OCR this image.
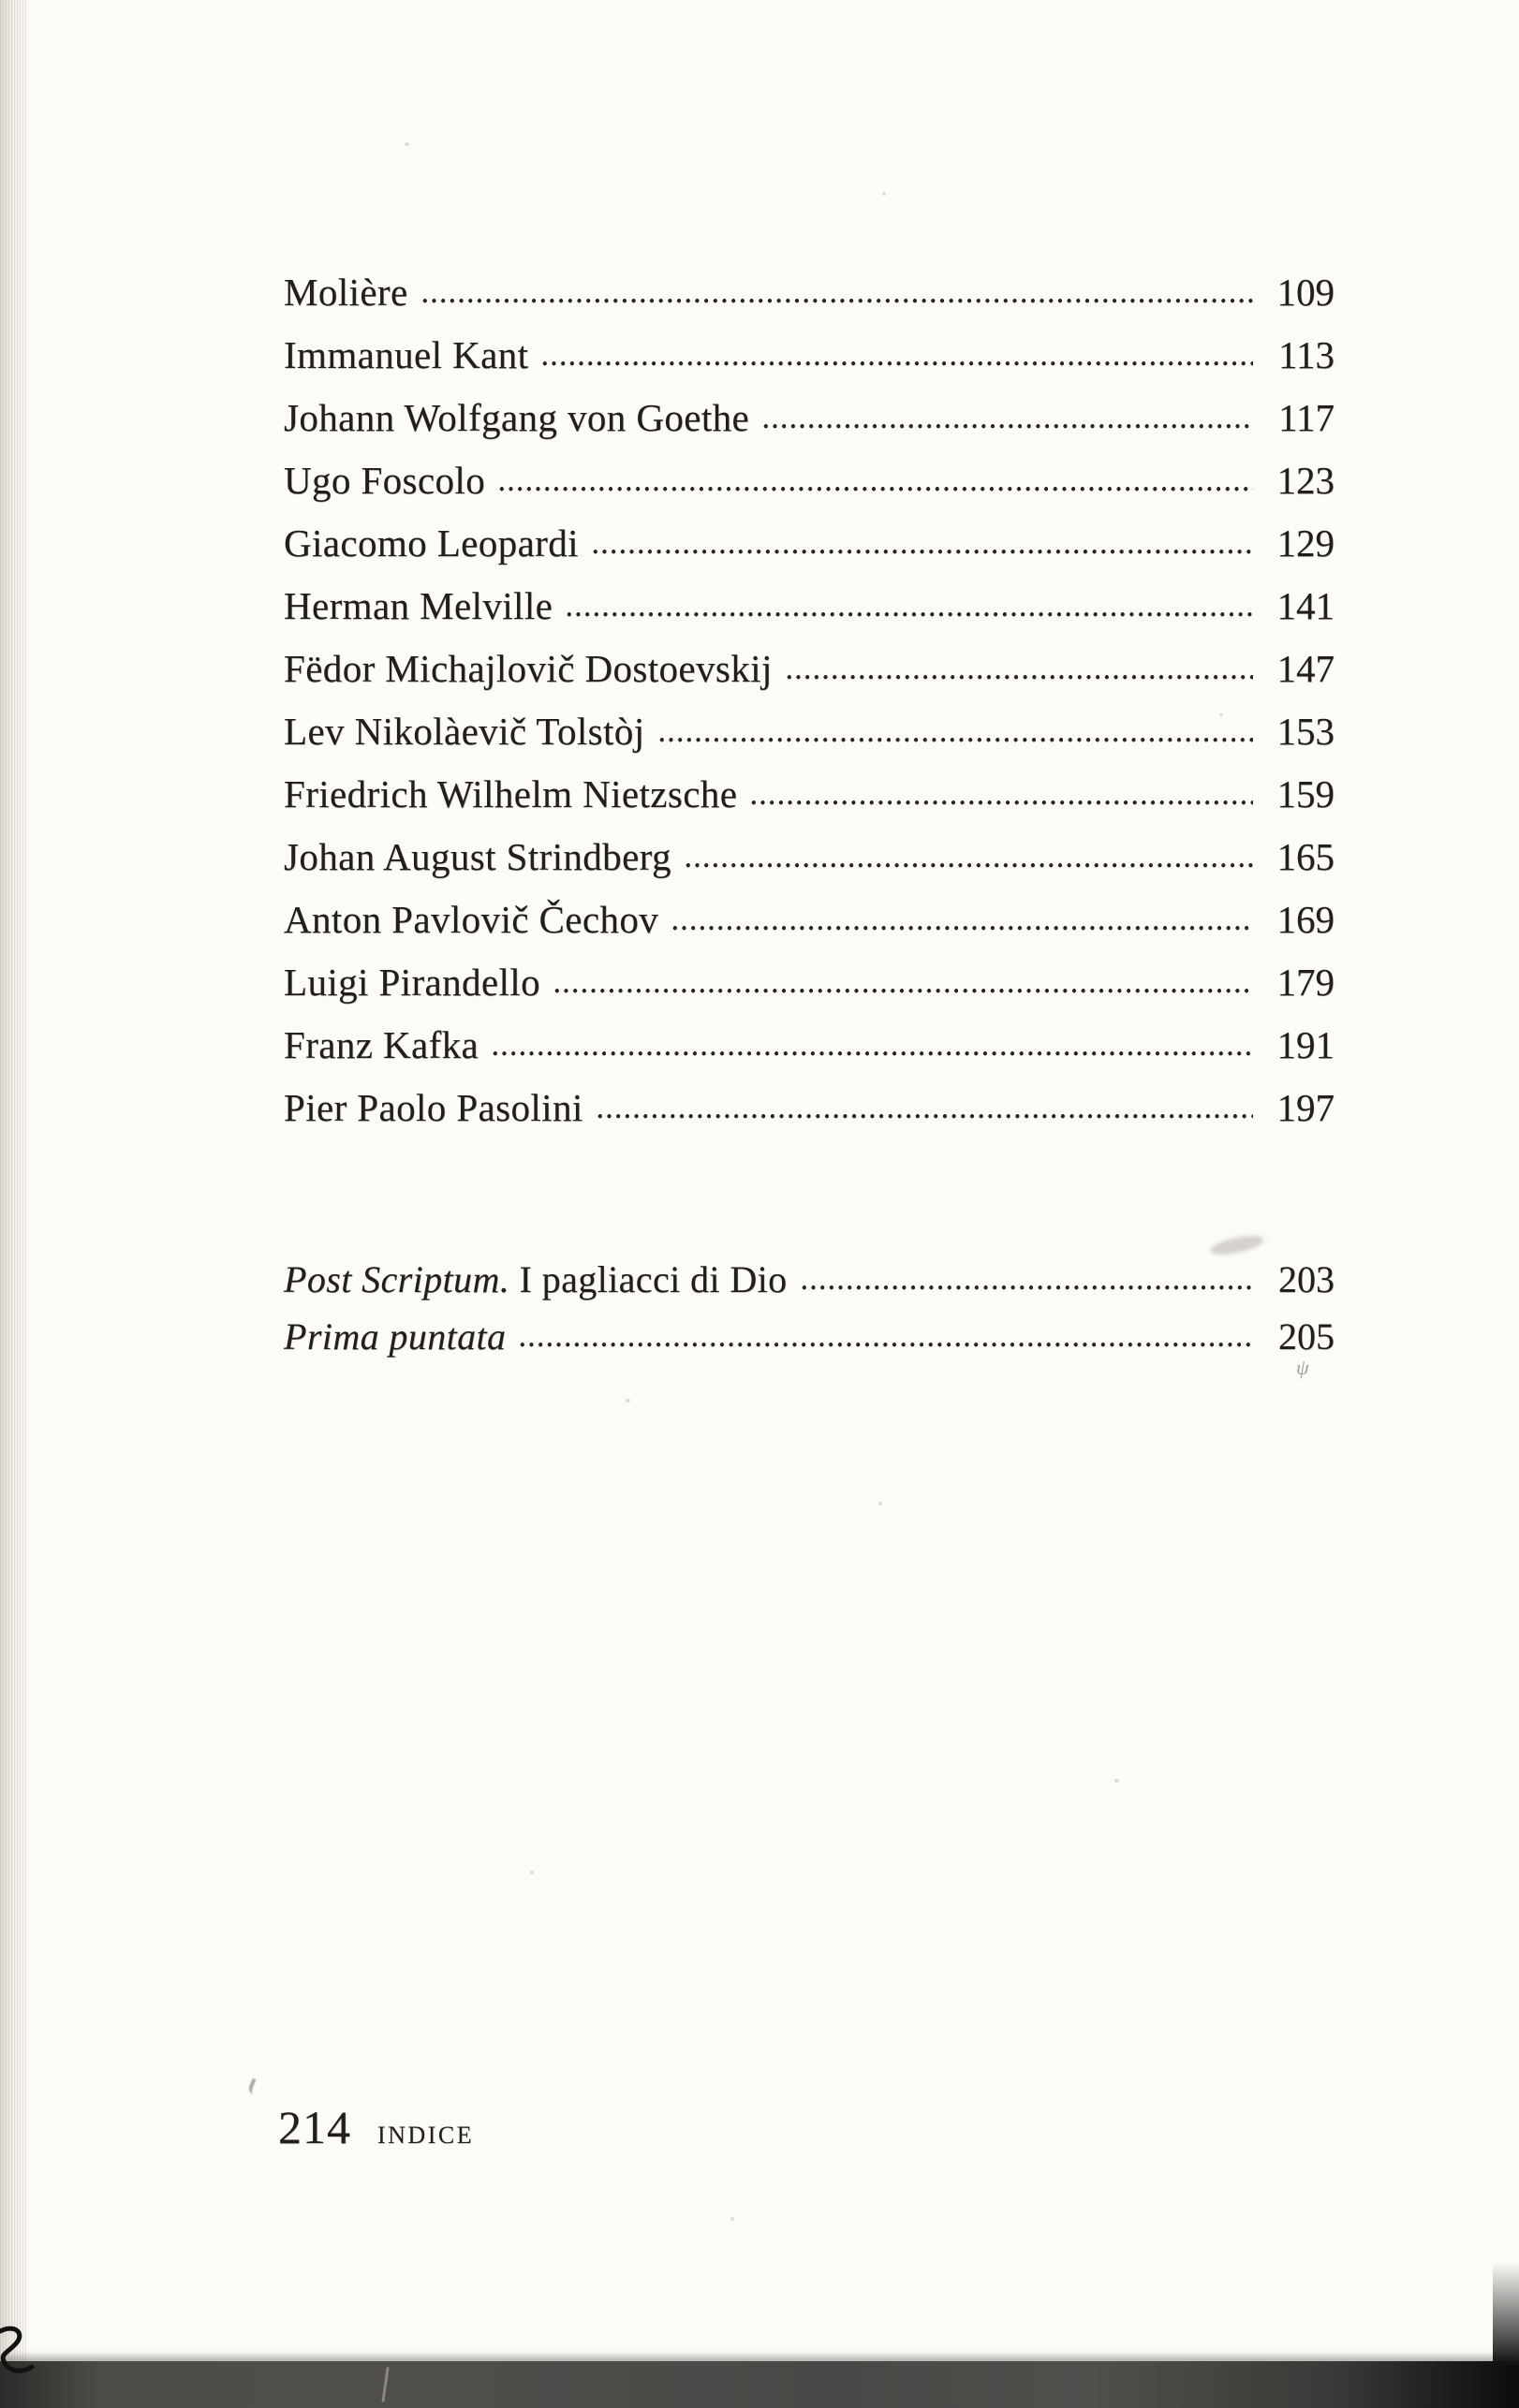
Molière	109
Immanuel Kant	113
Johann Wolfgang von Goethe	117
Ugo Foscolo	123
Giacomo Leopardi	129
Herman Melville	141
Fëdor Michajlovič Dostoevskij	147
Lev Nikolàevič Tolstòj	153
Friedrich Wilhelm Nietzsche	159
Johan August Strindberg	165
Anton Pavlovič Čechov	169
Luigi Pirandello	179
Franz Kafka	191
Pier Paolo Pasolini	197
Post Scriptum. I pagliacci di Dio	203
Prima puntata	205
214 INDICE
ψ
